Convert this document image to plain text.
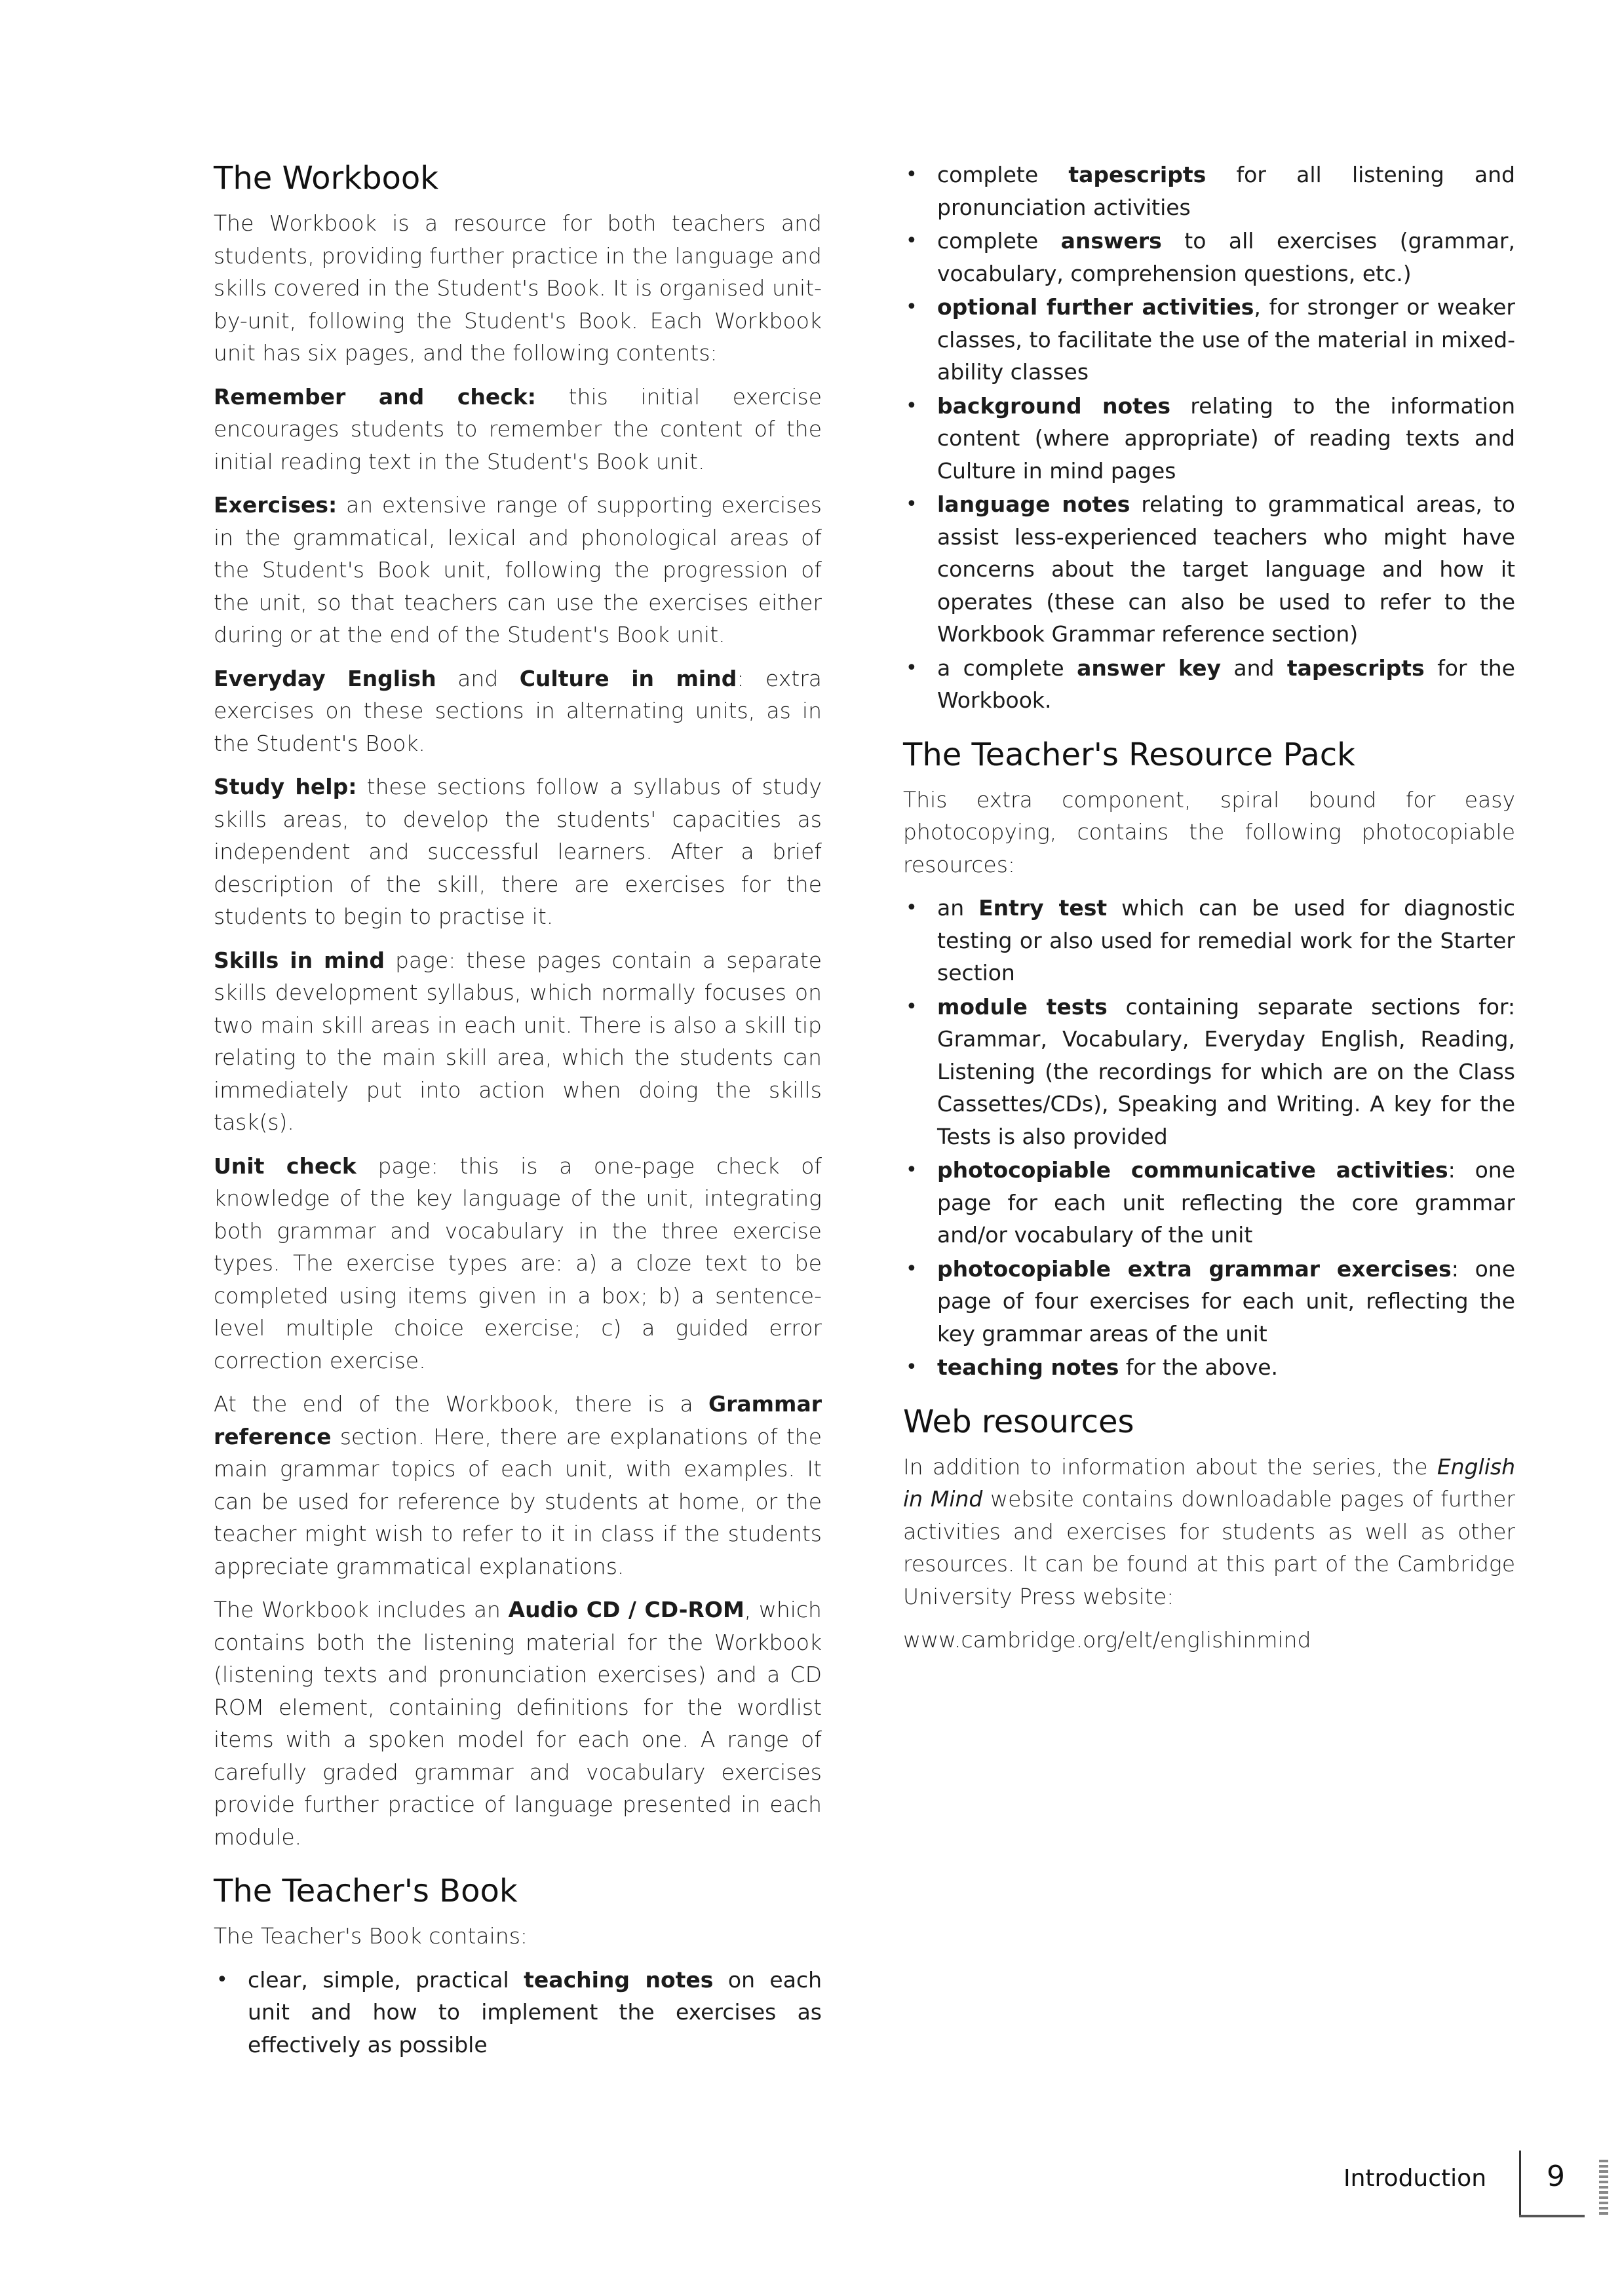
The Workbook

The Workbook is a resource for both teachers and students, providing further practice in the language and skills covered in the Student's Book. It is organised unit-by-unit, following the Student's Book. Each Workbook unit has six pages, and the following contents:

Remember and check: this initial exercise encourages students to remember the content of the initial reading text in the Student's Book unit.

Exercises: an extensive range of supporting exercises in the grammatical, lexical and phonological areas of the Student's Book unit, following the progression of the unit, so that teachers can use the exercises either during or at the end of the Student's Book unit.

Everyday English and Culture in mind: extra exercises on these sections in alternating units, as in the Student's Book.

Study help: these sections follow a syllabus of study skills areas, to develop the students' capacities as independent and successful learners. After a brief description of the skill, there are exercises for the students to begin to practise it.

Skills in mind page: these pages contain a separate skills development syllabus, which normally focuses on two main skill areas in each unit. There is also a skill tip relating to the main skill area, which the students can immediately put into action when doing the skills task(s).

Unit check page: this is a one-page check of knowledge of the key language of the unit, integrating both grammar and vocabulary in the three exercise types. The exercise types are: a) a cloze text to be completed using items given in a box; b) a sentence-level multiple choice exercise; c) a guided error correction exercise.

At the end of the Workbook, there is a Grammar reference section. Here, there are explanations of the main grammar topics of each unit, with examples. It can be used for reference by students at home, or the teacher might wish to refer to it in class if the students appreciate grammatical explanations.

The Workbook includes an Audio CD / CD-ROM, which contains both the listening material for the Workbook (listening texts and pronunciation exercises) and a CD ROM element, containing definitions for the wordlist items with a spoken model for each one. A range of carefully graded grammar and vocabulary exercises provide further practice of language presented in each module.

The Teacher's Book

The Teacher's Book contains:

• clear, simple, practical teaching notes on each unit and how to implement the exercises as effectively as possible
• complete tapescripts for all listening and pronunciation activities
• complete answers to all exercises (grammar, vocabulary, comprehension questions, etc.)
• optional further activities, for stronger or weaker classes, to facilitate the use of the material in mixed-ability classes
• background notes relating to the information content (where appropriate) of reading texts and Culture in mind pages
• language notes relating to grammatical areas, to assist less-experienced teachers who might have concerns about the target language and how it operates (these can also be used to refer to the Workbook Grammar reference section)
• a complete answer key and tapescripts for the Workbook.
The Teacher's Resource Pack

This extra component, spiral bound for easy photocopying, contains the following photocopiable resources:

• an Entry test which can be used for diagnostic testing or also used for remedial work for the Starter section
• module tests containing separate sections for: Grammar, Vocabulary, Everyday English, Reading, Listening (the recordings for which are on the Class Cassettes/CDs), Speaking and Writing. A key for the Tests is also provided
• photocopiable communicative activities: one page for each unit reflecting the core grammar and/or vocabulary of the unit
• photocopiable extra grammar exercises: one page of four exercises for each unit, reflecting the key grammar areas of the unit
• teaching notes for the above.
Web resources

In addition to information about the series, the English in Mind website contains downloadable pages of further activities and exercises for students as well as other resources. It can be found at this part of the Cambridge University Press website:

www.cambridge.org/elt/englishinmind

Introduction 9
